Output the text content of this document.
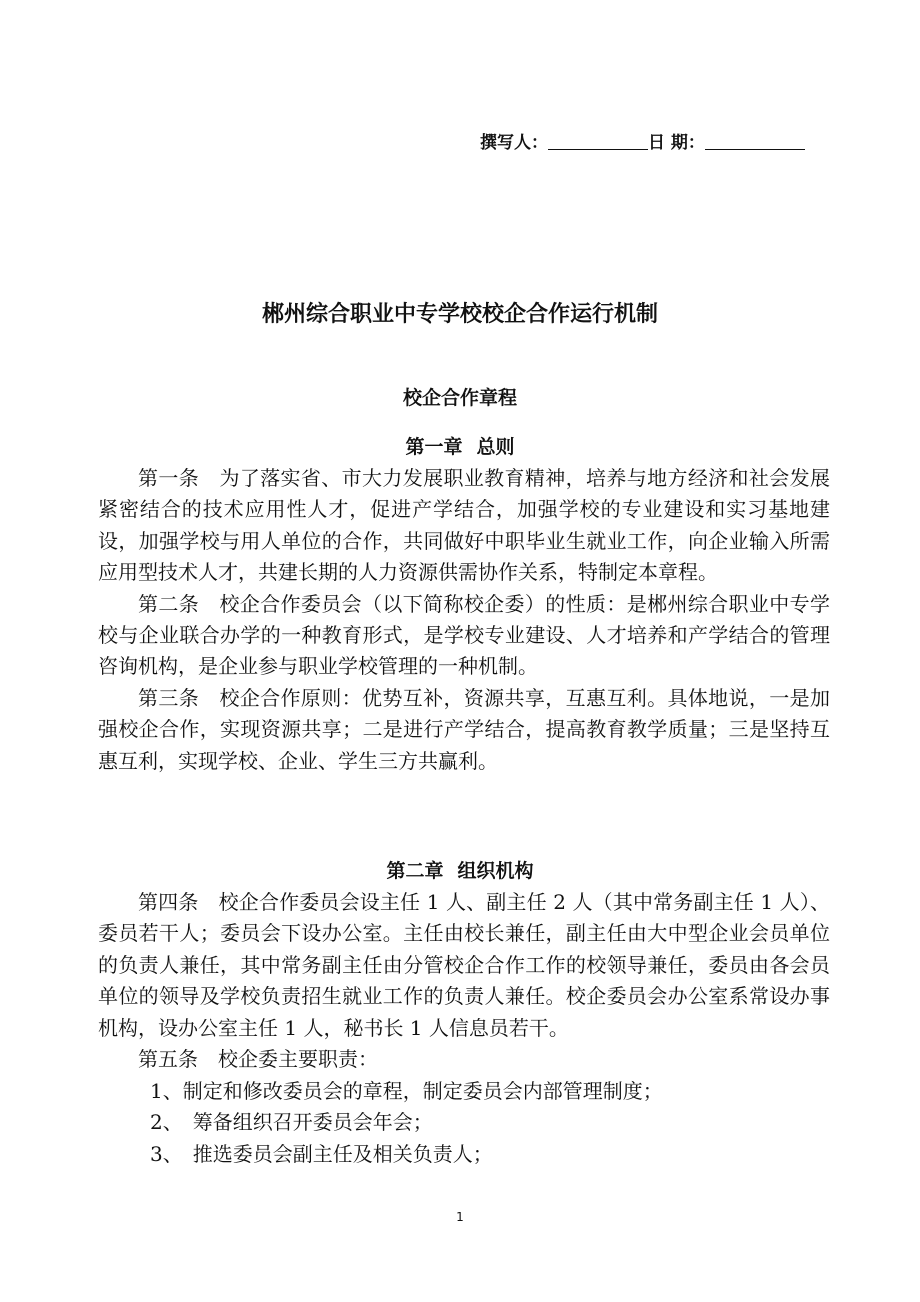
撰写人：	日 期：
郴州综合职业中专学校校企合作运行机制
校企合作章程
第一章 总则

第一条　为了落实省、市大力发展职业教育精神，培养与地方经济和社会发展紧密结合的技术应用性人才，促进产学结合，加强学校的专业建设和实习基地建设，加强学校与用人单位的合作，共同做好中职毕业生就业工作，向企业输入所需应用型技术人才，共建长期的人力资源供需协作关系，特制定本章程。

第二条　校企合作委员会（以下简称校企委）的性质：是郴州综合职业中专学校与企业联合办学的一种教育形式，是学校专业建设、人才培养和产学结合的管理咨询机构，是企业参与职业学校管理的一种机制。

第三条　校企合作原则：优势互补，资源共享，互惠互利。具体地说，一是加强校企合作，实现资源共享；二是进行产学结合，提高教育教学质量；三是坚持互惠互利，实现学校、企业、学生三方共赢利。

第二章 组织机构

第四条　校企合作委员会设主任 1 人、副主任 2 人（其中常务副主任 1 人）、委员若干人；委员会下设办公室。主任由校长兼任，副主任由大中型企业会员单位的负责人兼任，其中常务副主任由分管校企合作工作的校领导兼任，委员由各会员单位的领导及学校负责招生就业工作的负责人兼任。校企委员会办公室系常设办事机构，设办公室主任 1 人，秘书长 1 人信息员若干。

第五条　校企委主要职责：

1、制定和修改委员会的章程，制定委员会内部管理制度；
2、　筹备组织召开委员会年会；
3、　推选委员会副主任及相关负责人；
1
